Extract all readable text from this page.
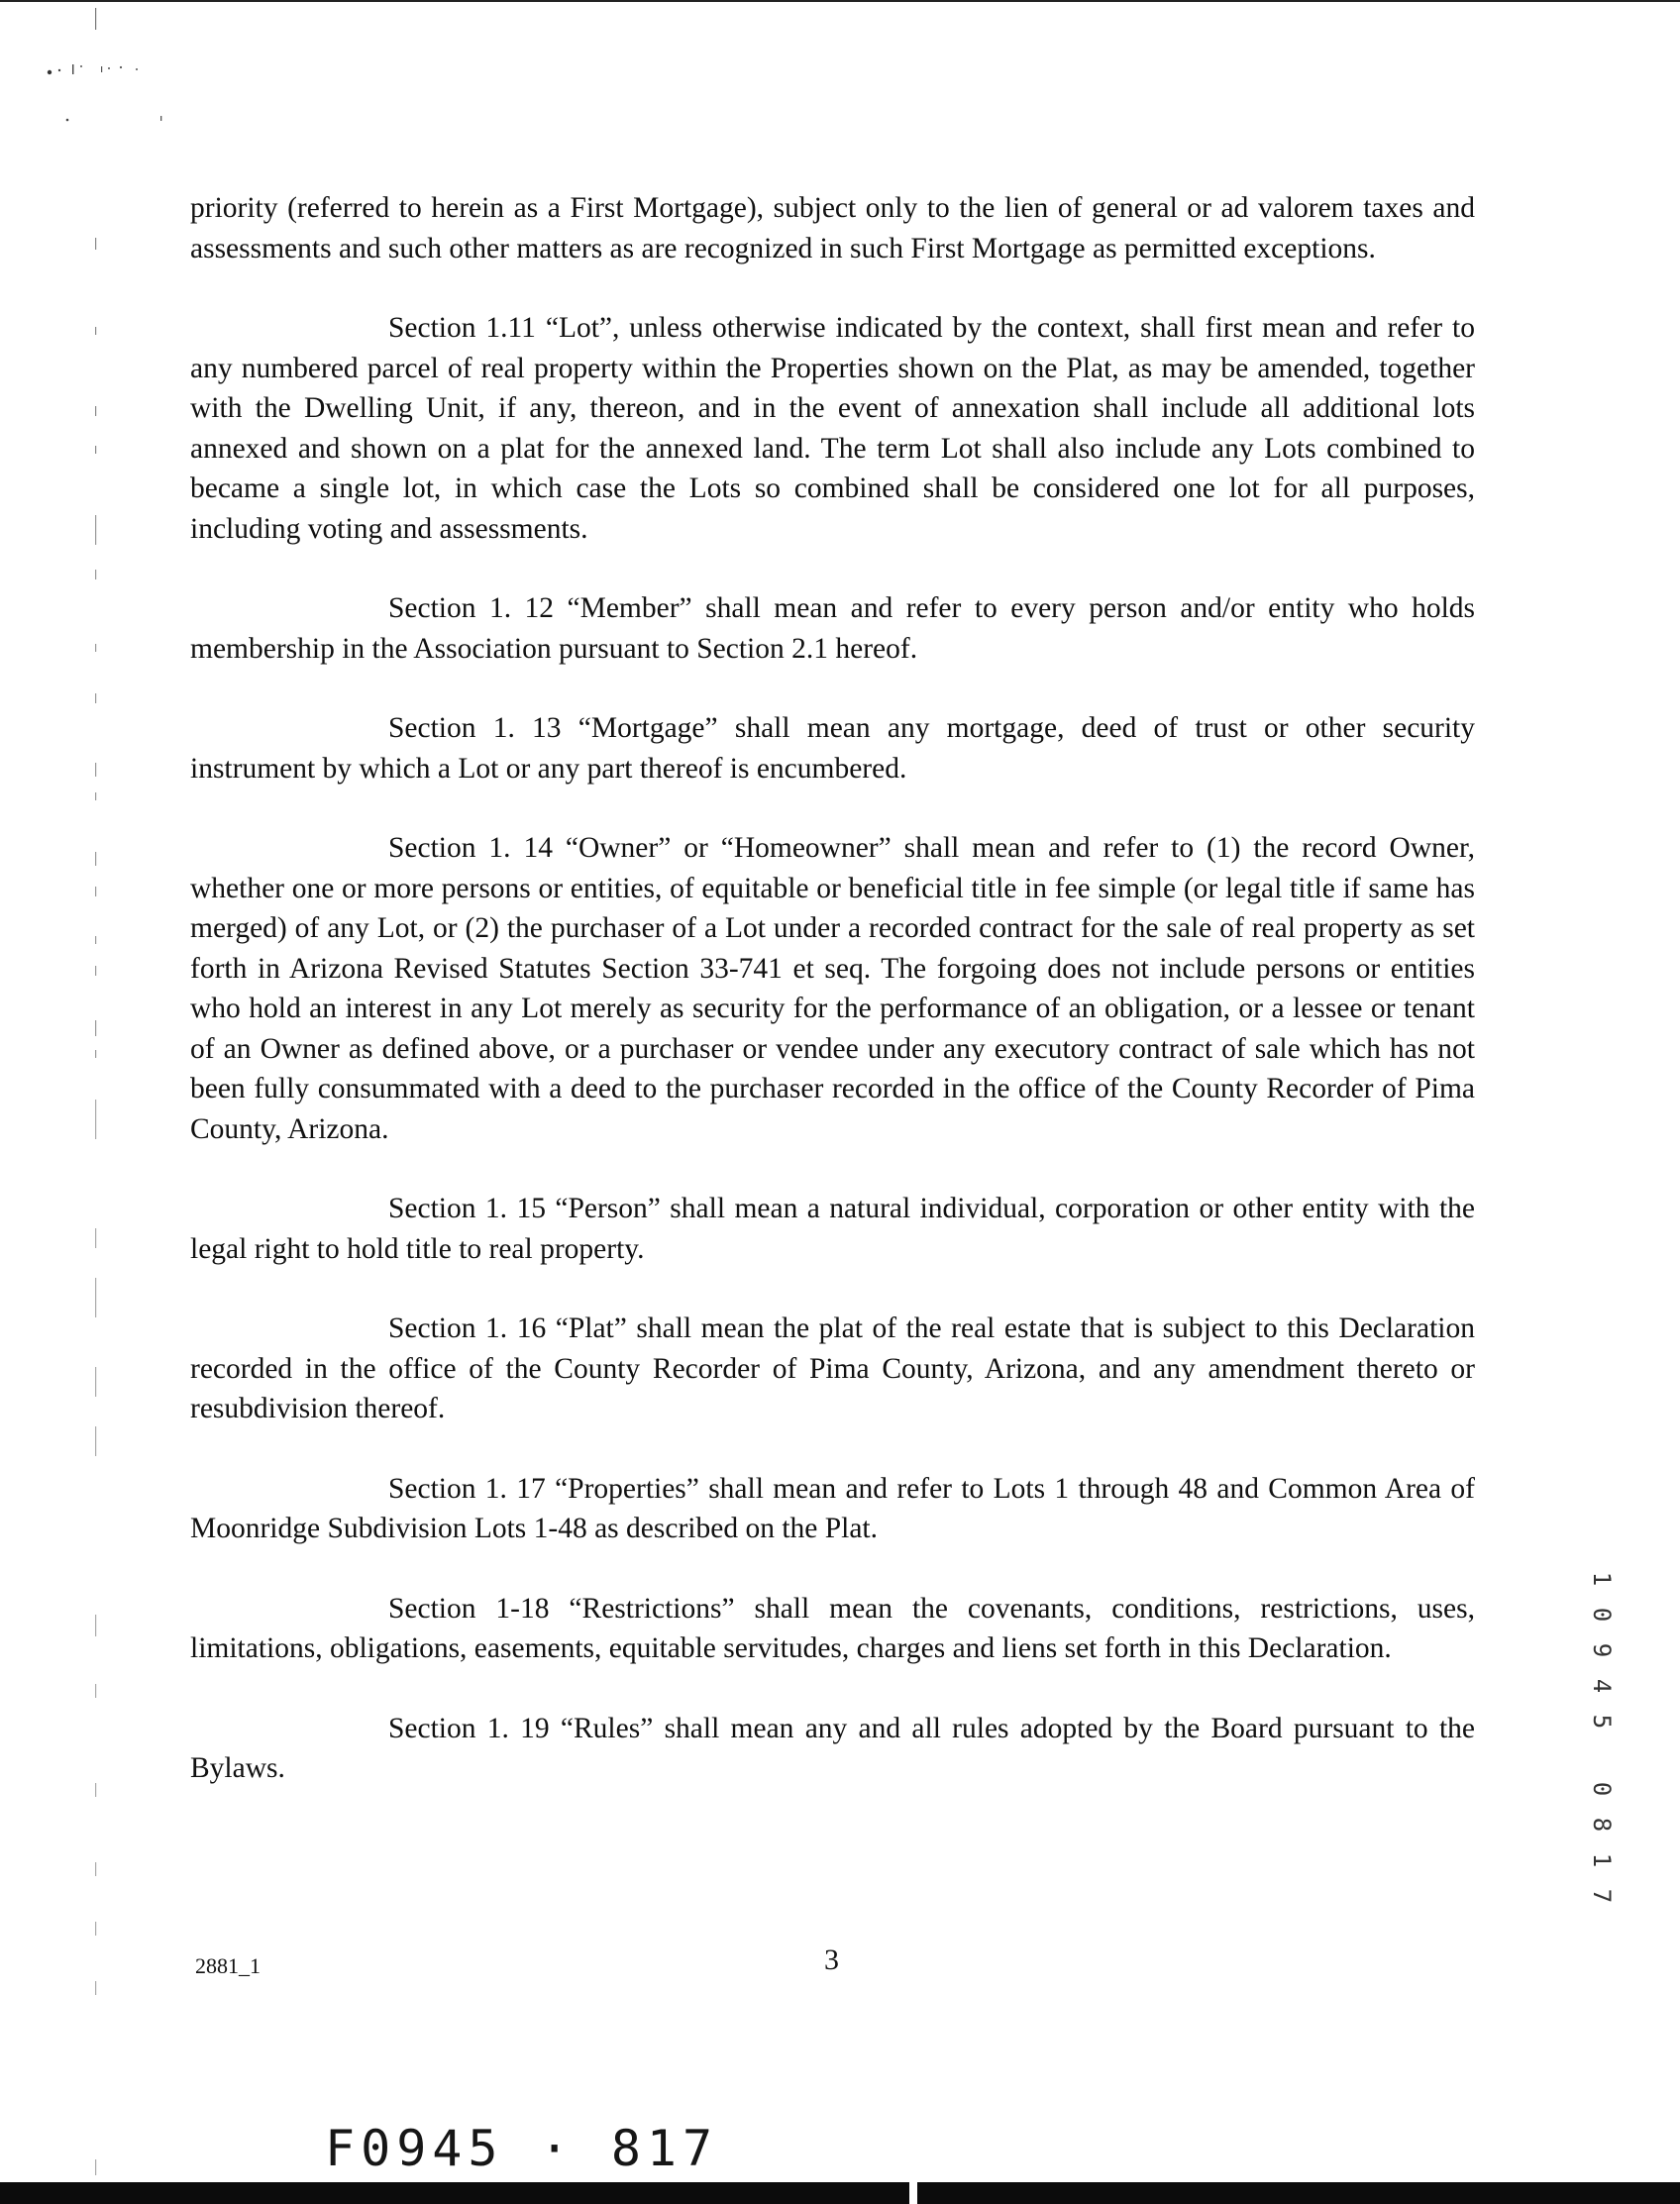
priority (referred to herein as a First Mortgage), subject only to the lien of general or ad valorem taxes and assessments and such other matters as are recognized in such First Mortgage as permitted exceptions.

Section 1.11 “Lot”, unless otherwise indicated by the context, shall first mean and refer to any numbered parcel of real property within the Properties shown on the Plat, as may be amended, together with the Dwelling Unit, if any, thereon, and in the event of annexation shall include all additional lots annexed and shown on a plat for the annexed land. The term Lot shall also include any Lots combined to became a single lot, in which case the Lots so combined shall be considered one lot for all purposes, including voting and assessments.

Section 1. 12 “Member” shall mean and refer to every person and/or entity who holds membership in the Association pursuant to Section 2.1 hereof.

Section 1. 13 “Mortgage” shall mean any mortgage, deed of trust or other security instrument by which a Lot or any part thereof is encumbered.

Section 1. 14 “Owner” or “Homeowner” shall mean and refer to (1) the record Owner, whether one or more persons or entities, of equitable or beneficial title in fee simple (or legal title if same has merged) of any Lot, or (2) the purchaser of a Lot under a recorded contract for the sale of real property as set forth in Arizona Revised Statutes Section 33-741 et seq. The forgoing does not include persons or entities who hold an interest in any Lot merely as security for the performance of an obligation, or a lessee or tenant of an Owner as defined above, or a purchaser or vendee under any executory contract of sale which has not been fully consummated with a deed to the purchaser recorded in the office of the County Recorder of Pima County, Arizona.

Section 1. 15 “Person” shall mean a natural individual, corporation or other entity with the legal right to hold title to real property.

Section 1. 16 “Plat” shall mean the plat of the real estate that is subject to this Declaration recorded in the office of the County Recorder of Pima County, Arizona, and any amendment thereto or resubdivision thereof.

Section 1. 17 “Properties” shall mean and refer to Lots 1 through 48 and Common Area of Moonridge Subdivision Lots 1-48 as described on the Plat.

Section 1-18 “Restrictions” shall mean the covenants, conditions, restrictions, uses, limitations, obligations, easements, equitable servitudes, charges and liens set forth in this Declaration.

Section 1. 19 “Rules” shall mean any and all rules adopted by the Board pursuant to the Bylaws.

2881_1	3
F0945 · 817
1
0
9
4
5
0
8
1
7
